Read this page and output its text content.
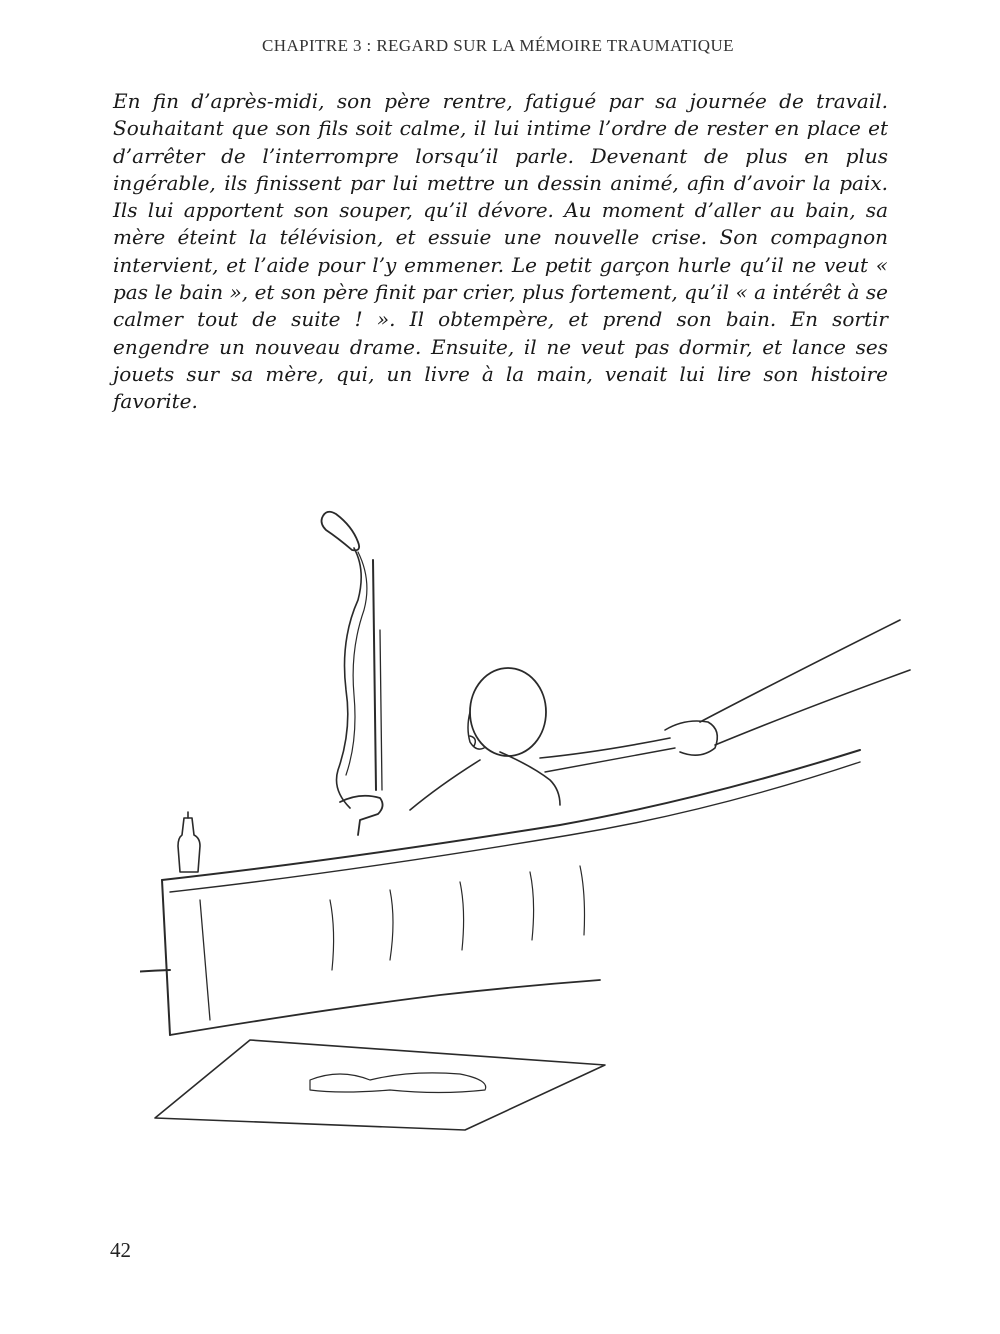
CHAPITRE 3 : REGARD SUR LA MÉMOIRE TRAUMATIQUE

En fin d’après-midi, son père rentre, fatigué par sa journée de travail. Souhaitant que son fils soit calme, il lui intime l’ordre de rester en place et d’arrêter de l’interrompre lorsqu’il parle. Devenant de plus en plus ingérable, ils finissent par lui mettre un dessin animé, afin d’avoir la paix. Ils lui apportent son souper, qu’il dévore. Au moment d’aller au bain, sa mère éteint la télévision, et essuie une nouvelle crise. Son compagnon intervient, et l’aide pour l’y emmener. Le petit garçon hurle qu’il ne veut « pas le bain », et son père finit par crier, plus fortement, qu’il « a intérêt à se calmer tout de suite ! ». Il obtempère, et prend son bain. En sortir engendre un nouveau drame. Ensuite, il ne veut pas dormir, et lance ses jouets sur sa mère, qui, un livre à la main, venait lui lire son histoire favorite.

42
